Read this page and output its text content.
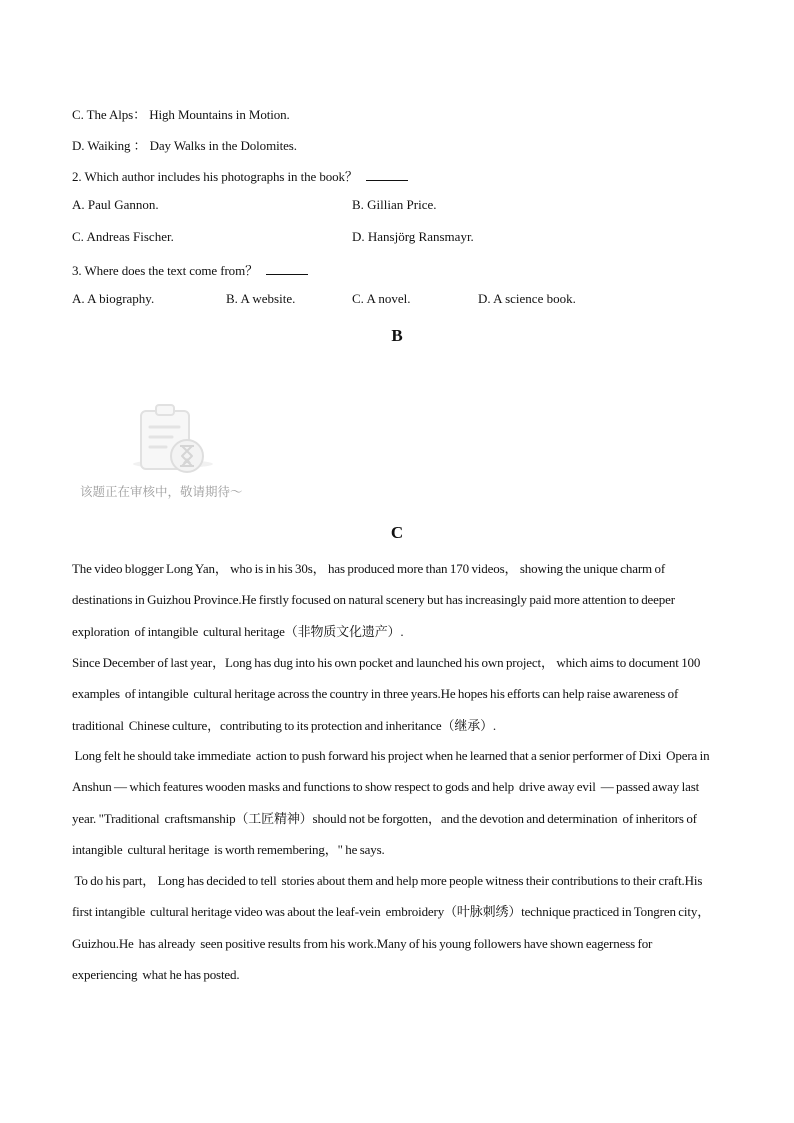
C. The Alps： High Mountains in Motion.
D. Waiking ： Day Walks in the Dolomites.
2. Which author includes his photographs in the book？
A. Paul Gannon.	B. Gillian Price.
C. Andreas Fischer.	D. Hansjörg Ransmayr.
3. Where does the text come from？
A. A biography.	B. A website.	C. A novel.	D. A science book.
B
该题正在审核中，敬请期待～
C
The video blogger Long Yan， who is in his 30s， has produced more than 170 videos， showing the unique charm of destinations in Guizhou Province.He firstly focused on natural scenery but has increasingly paid more attention to deeper exploration  of intangible  cultural heritage（非物质文化遗产）.
Since December of last year，Long has dug into his own pocket and launched his own project， which aims to document 100 examples  of intangible  cultural heritage across the country in three years.He hopes his efforts can help raise awareness of traditional  Chinese culture，contributing to its protection and inheritance（继承）.
Long felt he should take immediate  action to push forward his project when he learned that a senior performer of Dixi  Opera in Anshun — which features wooden masks and functions to show respect to gods and help  drive away evil  — passed away last year. "Traditional  craftsmanship（工匠精神）should not be forgotten，and the devotion and determination  of inheritors of intangible  cultural heritage  is worth remembering，" he says.
To do his part， Long has decided to tell  stories about them and help more people witness their contributions to their craft.His first intangible  cultural heritage video was about the leaf-vein  embroidery（叶脉刺绣）technique practiced in Tongren city， Guizhou.He  has already  seen positive results from his work.Many of his young followers have shown eagerness for experiencing  what he has posted.
